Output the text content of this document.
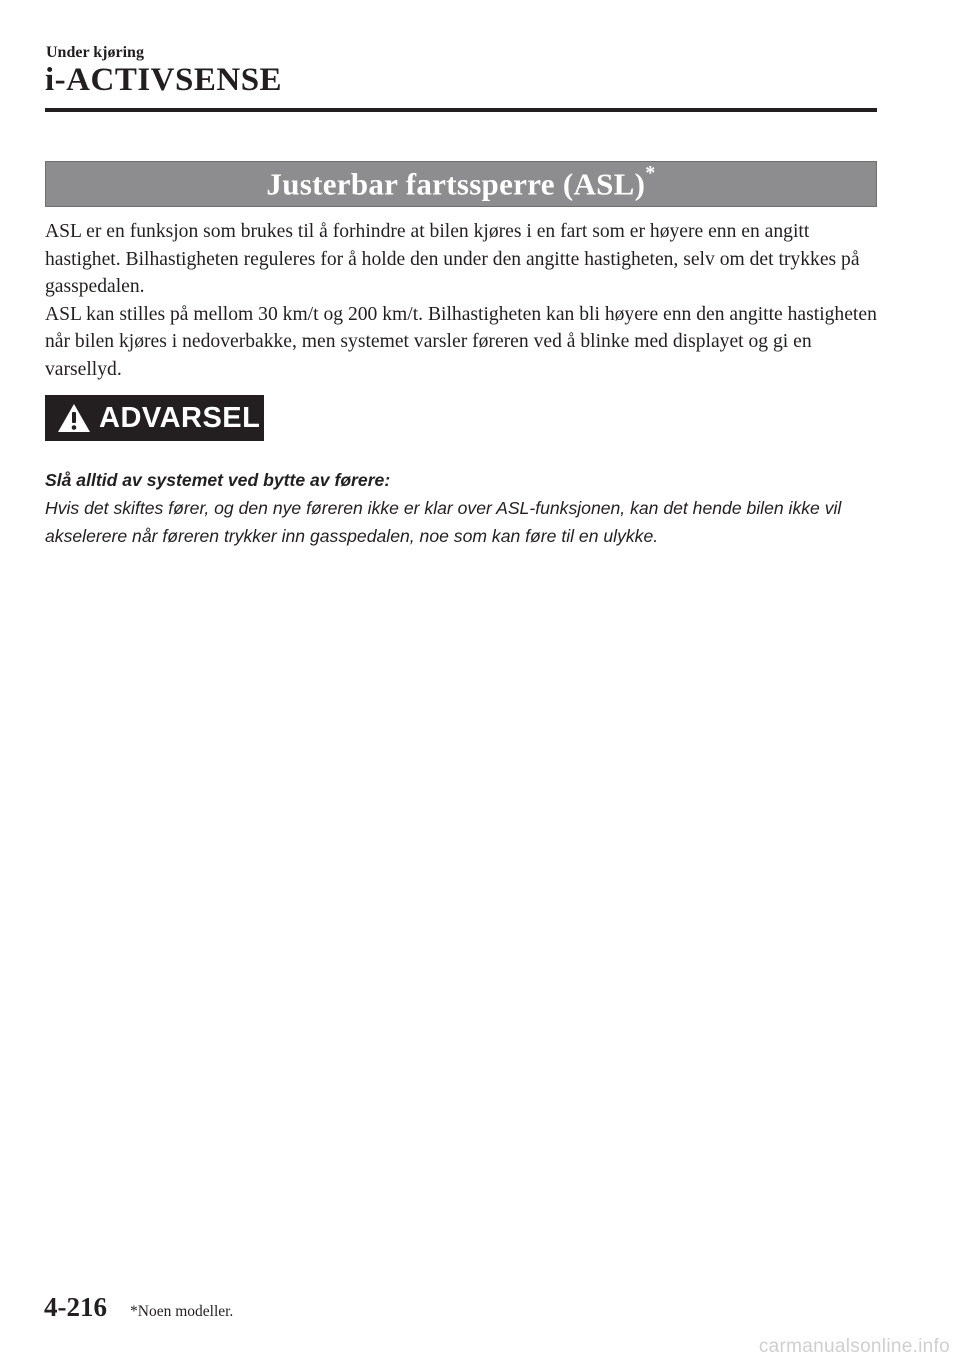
Under kjøring
i-ACTIVSENSE
Justerbar fartssperre (ASL)*

ASL er en funksjon som brukes til å forhindre at bilen kjøres i en fart som er høyere enn en angitt hastighet. Bilhastigheten reguleres for å holde den under den angitte hastigheten, selv om det trykkes på gasspedalen.

ASL kan stilles på mellom 30 km/t og 200 km/t. Bilhastigheten kan bli høyere enn den angitte hastigheten når bilen kjøres i nedoverbakke, men systemet varsler føreren ved å blinke med displayet og gi en varsellyd.

ADVARSEL

Slå alltid av systemet ved bytte av førere:

Hvis det skiftes fører, og den nye føreren ikke er klar over ASL-funksjonen, kan det hende bilen ikke vil akselerere når føreren trykker inn gasspedalen, noe som kan føre til en ulykke.

4-216 *Noen modeller.
carmanualsonline.info
